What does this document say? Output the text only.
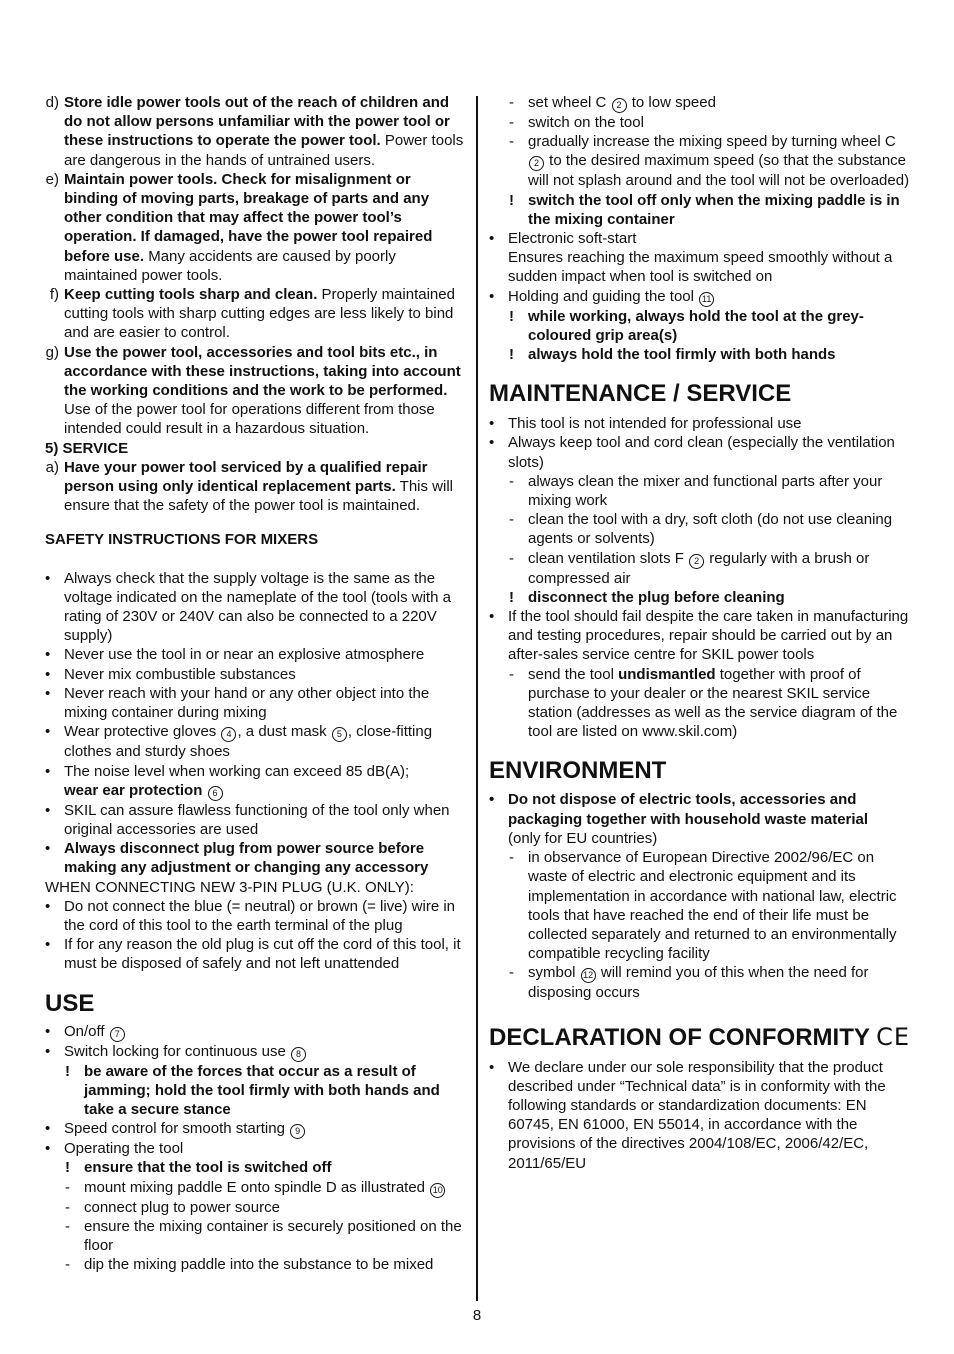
d) Store idle power tools out of the reach of children and do not allow persons unfamiliar with the power tool or these instructions to operate the power tool. Power tools are dangerous in the hands of untrained users.
e) Maintain power tools. Check for misalignment or binding of moving parts, breakage of parts and any other condition that may affect the power tool’s operation. If damaged, have the power tool repaired before use. Many accidents are caused by poorly maintained power tools.
f) Keep cutting tools sharp and clean. Properly maintained cutting tools with sharp cutting edges are less likely to bind and are easier to control.
g) Use the power tool, accessories and tool bits etc., in accordance with these instructions, taking into account the working conditions and the work to be performed. Use of the power tool for operations different from those intended could result in a hazardous situation.
5) SERVICE
a) Have your power tool serviced by a qualified repair person using only identical replacement parts. This will ensure that the safety of the power tool is maintained.
SAFETY INSTRUCTIONS FOR MIXERS
• Always check that the supply voltage is the same as the voltage indicated on the nameplate of the tool (tools with a rating of 230V or 240V can also be connected to a 220V supply)
• Never use the tool in or near an explosive atmosphere
• Never mix combustible substances
• Never reach with your hand or any other object into the mixing container during mixing
• Wear protective gloves 4 , a dust mask 5 , close-fitting clothes and sturdy shoes
• The noise level when working can exceed 85 dB(A);
wear ear protection 6
• SKIL can assure flawless functioning of the tool only when original accessories are used
• Always disconnect plug from power source before making any adjustment or changing any accessory
WHEN CONNECTING NEW 3-PIN PLUG (U.K. ONLY):
• Do not connect the blue (= neutral) or brown (= live) wire in the cord of this tool to the earth terminal of the plug
• If for any reason the old plug is cut off the cord of this tool, it must be disposed of safely and not left unattended
USE
• On/off 7
• Switch locking for continuous use 8
! be aware of the forces that occur as a result of jamming; hold the tool firmly with both hands and take a secure stance
• Speed control for smooth starting 9
• Operating the tool
! ensure that the tool is switched off
- mount mixing paddle E onto spindle D as illustrated 10
- connect plug to power source
- ensure the mixing container is securely positioned on the floor
- dip the mixing paddle into the substance to be mixed
- set wheel C 2 to low speed
- switch on the tool
- gradually increase the mixing speed by turning wheel C 2 to the desired maximum speed (so that the substance will not splash around and the tool will not be overloaded)
! switch the tool off only when the mixing paddle is in the mixing container
• Electronic soft-start
Ensures reaching the maximum speed smoothly without a sudden impact when tool is switched on
• Holding and guiding the tool 11
! while working, always hold the tool at the grey-coloured grip area(s)
! always hold the tool firmly with both hands
MAINTENANCE / SERVICE
• This tool is not intended for professional use
• Always keep tool and cord clean (especially the ventilation slots)
- always clean the mixer and functional parts after your mixing work
- clean the tool with a dry, soft cloth (do not use cleaning agents or solvents)
- clean ventilation slots F 2 regularly with a brush or compressed air
! disconnect the plug before cleaning
• If the tool should fail despite the care taken in manufacturing and testing procedures, repair should be carried out by an after-sales service centre for SKIL power tools
- send the tool undismantled together with proof of purchase to your dealer or the nearest SKIL service station (addresses as well as the service diagram of the tool are listed on www.skil.com)
ENVIRONMENT
• Do not dispose of electric tools, accessories and packaging together with household waste material
(only for EU countries)
- in observance of European Directive 2002/96/EC on waste of electric and electronic equipment and its implementation in accordance with national law, electric tools that have reached the end of their life must be collected separately and returned to an environmentally compatible recycling facility
- symbol 12 will remind you of this when the need for disposing occurs
DECLARATION OF CONFORMITY CE
• We declare under our sole responsibility that the product described under “Technical data” is in conformity with the following standards or standardization documents: EN 60745, EN 61000, EN 55014, in accordance with the provisions of the directives 2004/108/EC, 2006/42/EC, 2011/65/EU
8
